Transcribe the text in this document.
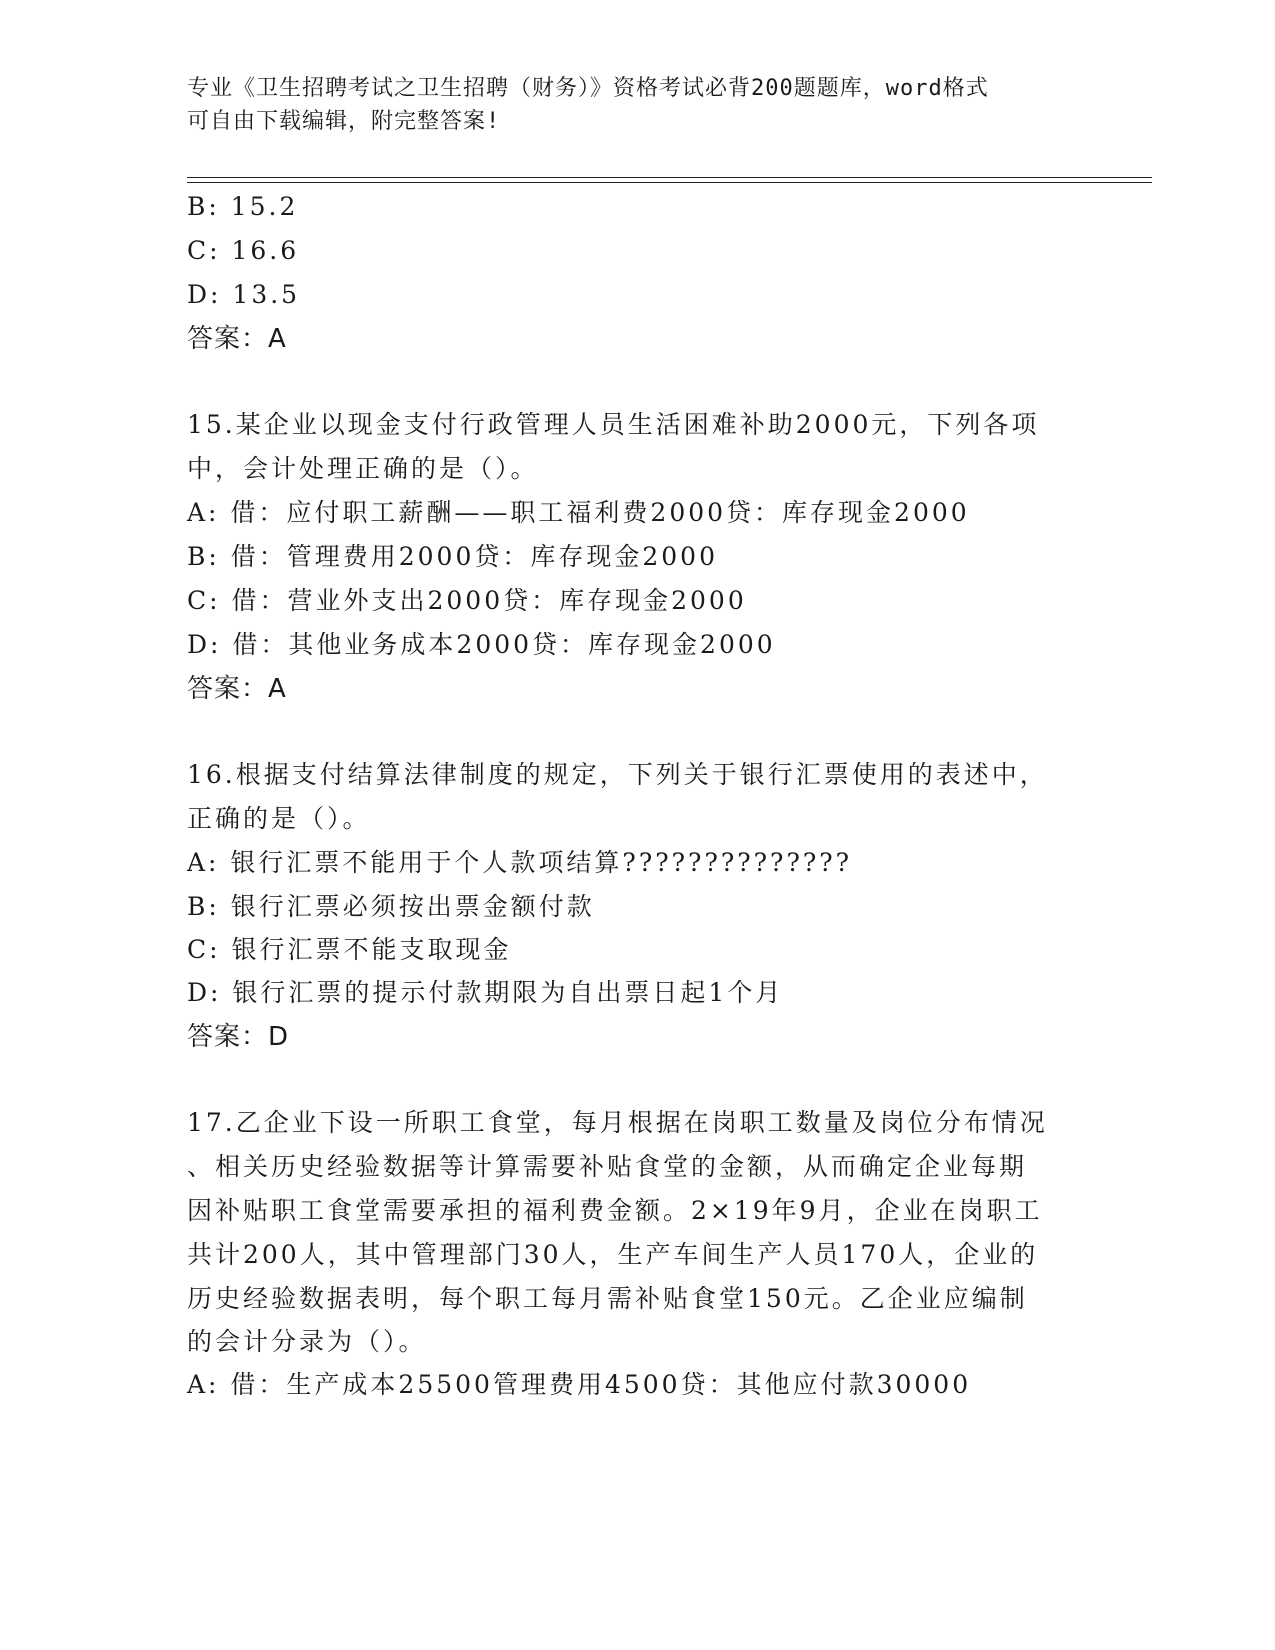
专业《卫生招聘考试之卫生招聘（财务）》资格考试必背200题题库，word格式
可自由下载编辑，附完整答案!
B: 15.2
C: 16.6
D: 13.5
答案：A
15.某企业以现金支付行政管理人员生活困难补助2000元，下列各项
中，会计处理正确的是（）。
A: 借：应付职工薪酬——职工福利费2000贷：库存现金2000
B: 借：管理费用2000贷：库存现金2000
C: 借：营业外支出2000贷：库存现金2000
D: 借：其他业务成本2000贷：库存现金2000
答案：A
16.根据支付结算法律制度的规定，下列关于银行汇票使用的表述中，
正确的是（）。
A: 银行汇票不能用于个人款项结算??????????????
B: 银行汇票必须按出票金额付款
C: 银行汇票不能支取现金
D: 银行汇票的提示付款期限为自出票日起1个月
答案：D
17.乙企业下设一所职工食堂，每月根据在岗职工数量及岗位分布情况
、相关历史经验数据等计算需要补贴食堂的金额，从而确定企业每期
因补贴职工食堂需要承担的福利费金额。2×19年9月，企业在岗职工
共计200人，其中管理部门30人，生产车间生产人员170人，企业的
历史经验数据表明，每个职工每月需补贴食堂150元。乙企业应编制
的会计分录为（）。
A: 借：生产成本25500管理费用4500贷：其他应付款30000
